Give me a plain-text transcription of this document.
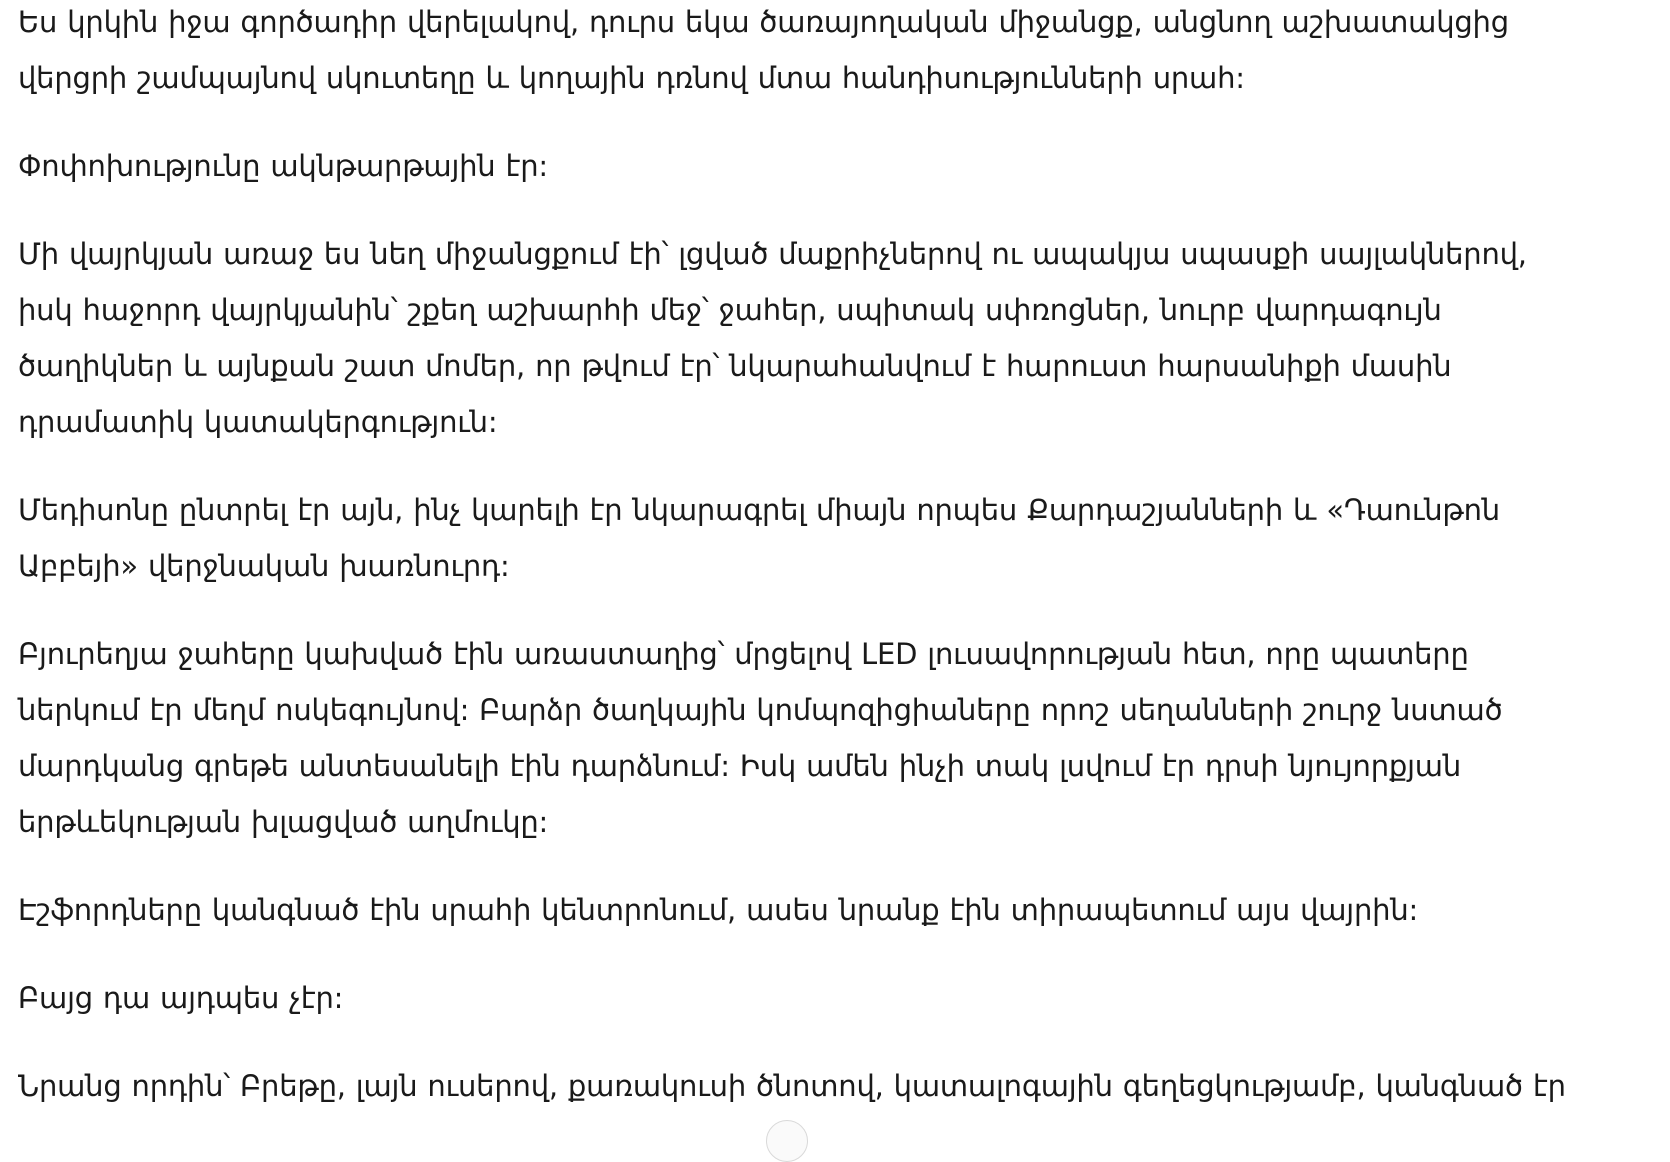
Ես կրկին իջա գործադիր վերելակով, դուրս եկա ծառայողական միջանցք, անցնող աշխատակցից վերցրի շամպայնով սկուտեղը և կողային դռնով մտա հանդիսությունների սրահ:

Փոփոխությունը ակնթարթային էր:

Մի վայրկյան առաջ ես նեղ միջանցքում էի՝ լցված մաքրիչներով ու ապակյա սպասքի սայլակներով, իսկ հաջորդ վայրկյանին՝ շքեղ աշխարհի մեջ՝ ջահեր, սպիտակ սփռոցներ, նուրբ վարդագույն ծաղիկներ և այնքան շատ մոմեր, որ թվում էր՝ նկարահանվում է հարուստ հարսանիքի մասին դրամատիկ կատակերգություն:

Մեդիսոնը ընտրել էր այն, ինչ կարելի էր նկարագրել միայն որպես Քարդաշյանների և «Դաունթոն Աբբեյի» վերջնական խառնուրդ:

Բյուրեղյա ջահերը կախված էին առաստաղից՝ մրցելով LED լուսավորության հետ, որը պատերը ներկում էր մեղմ ոսկեգույնով: Բարձր ծաղկային կոմպոզիցիաները որոշ սեղանների շուրջ նստած մարդկանց գրեթե անտեսանելի էին դարձնում: Իսկ ամեն ինչի տակ լսվում էր դրսի նյույորքյան երթևեկության խլացված աղմուկը:

Էշֆորդները կանգնած էին սրահի կենտրոնում, ասես նրանք էին տիրապետում այս վայրին:

Բայց դա այդպես չէր:

Նրանց որդին՝ Բրեթը, լայն ուսերով, քառակուսի ծնոտով, կատալոգային գեղեցկությամբ, կանգնած էր
